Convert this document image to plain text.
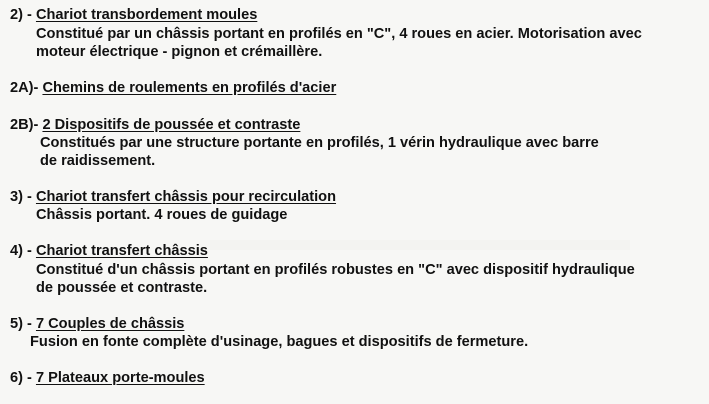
2) - Chariot transbordement moules
Constitué par un châssis portant en profilés en "C", 4 roues en acier. Motorisation avec
moteur électrique - pignon et crémaillère.
2A)- Chemins de roulements en profilés d'acier
2B)- 2 Dispositifs de poussée et contraste
Constitués par une structure portante en profilés, 1 vérin hydraulique avec barre
de raidissement.
3) - Chariot transfert châssis pour recirculation
Châssis portant. 4 roues de guidage
4) - Chariot transfert châssis
Constitué d'un châssis portant en profilés robustes en "C" avec dispositif hydraulique
de poussée et contraste.
5) - 7 Couples de châssis
Fusion en fonte complète d'usinage, bagues et dispositifs de fermeture.
6) - 7 Plateaux porte-moules
